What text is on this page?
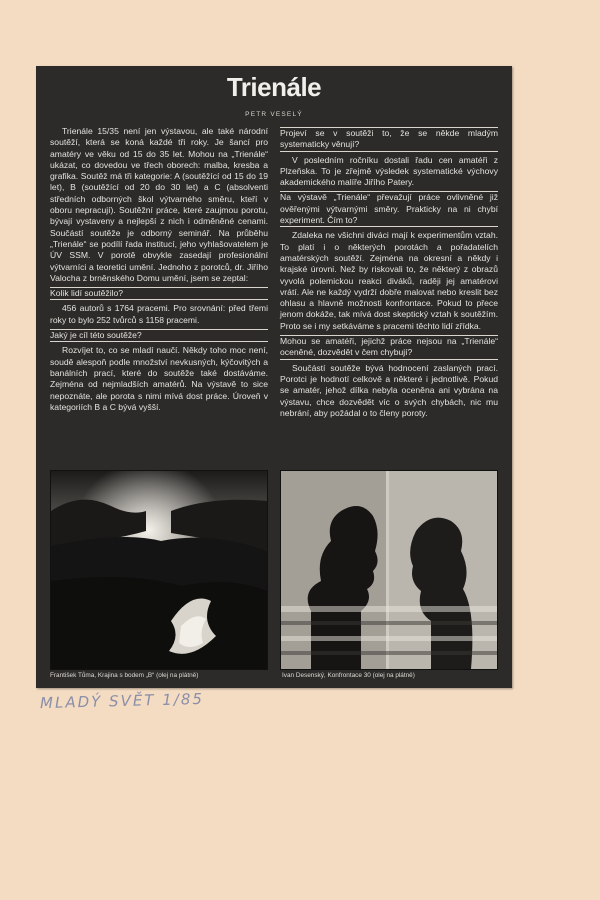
Trienále
PETR VESELÝ

Trienále 15/35 není jen výstavou, ale také národní soutěží, která se koná každé tři roky. Je šancí pro amatéry ve věku od 15 do 35 let. Mohou na „Trienále“ ukázat, co dovedou ve třech oborech: malba, kresba a grafika. Soutěž má tři kategorie: A (soutěžící od 15 do 19 let), B (soutěžící od 20 do 30 let) a C (absolventi středních odborných škol výtvarného směru, kteří v oboru nepracují). Soutěžní práce, které zaujmou porotu, bývají vystaveny a nejlepší z nich i odměněné cenami. Součástí soutěže je odborný seminář. Na průběhu „Trienále“ se podílí řada institucí, jeho vyhlašovatelem je ÚV SSM. V porotě obvykle zasedají profesionální výtvarníci a teoretici umění. Jednoho z porotců, dr. Jiřího Valocha z brněnského Domu umění, jsem se zeptal:

Kolik lidí soutěžilo?

456 autorů s 1764 pracemi. Pro srovnání: před třemi roky to bylo 252 tvůrců s 1158 pracemi.

Jaký je cíl této soutěže?

Rozvíjet to, co se mladí naučí. Někdy toho moc není, soudě alespoň podle množství nevkusných, kýčovitých a banálních prací, které do soutěže také dostáváme. Zejména od nejmladších amatérů. Na výstavě to sice nepoznáte, ale porota s nimi mívá dost práce. Úroveň v kategoriích B a C bývá vyšší.

Projeví se v soutěži to, že se někde mladým systematicky věnují?

V posledním ročníku dostali řadu cen amatéři z Plzeňska. To je zřejmě výsledek systematické výchovy akademického malíře Jiřího Patery.

Na výstavě „Trienále“ převažují práce ovlivněné již ověřenými výtvarnými směry. Prakticky na ni chybí experiment. Čím to?

Zdaleka ne všichni diváci mají k experimentům vztah. To platí i o některých porotách a pořadatelích amatérských soutěží. Zejména na okresní a někdy i krajské úrovni. Než by riskovali to, že některý z obrazů vyvolá polemickou reakci diváků, raději jej amatérovi vrátí. Ale ne každý vydrží dobře malovat nebo kreslit bez ohlasu a hlavně možnosti konfrontace. Pokud to přece jenom dokáže, tak mívá dost skeptický vztah k soutěžím. Proto se i my setkáváme s pracemi těchto lidí zřídka.

Mohou se amatéři, jejichž práce nejsou na „Trienále“ oceněné, dozvědět v čem chybují?

Součástí soutěže bývá hodnocení zaslaných prací. Porotci je hodnotí celkově a některé i jednotlivě. Pokud se amatér, jehož dílka nebyla oceněna ani vybrána na výstavu, chce dozvědět víc o svých chybách, nic mu nebrání, aby požádal o to členy poroty.

František Tůma, Krajina s bodem „B“ (olej na plátně)	Ivan Desenský, Konfrontace 30 (olej na plátně)
MLADÝ SVĚT 1/85
